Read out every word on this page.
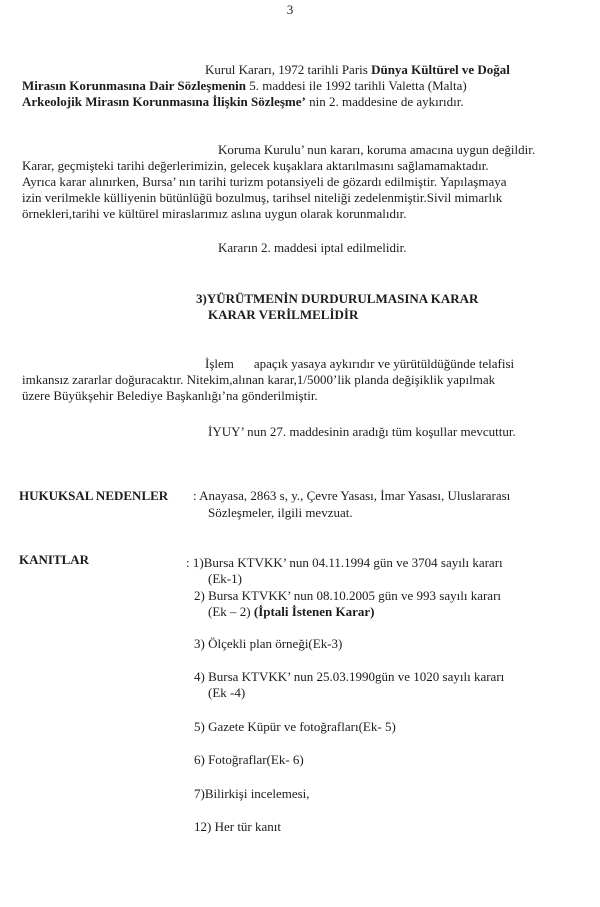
3
Kurul Kararı, 1972 tarihli Paris Dünya Kültürel ve Doğal
Mirasın Korunmasına Dair Sözleşmenin 5. maddesi ile 1992 tarihli Valetta (Malta)
Arkeolojik Mirasın Korunmasına İlişkin Sözleşme’ nin 2. maddesine de aykırıdır.
Koruma Kurulu’ nun kararı, koruma amacına uygun değildir.
Karar, geçmişteki tarihi değerlerimizin, gelecek kuşaklara aktarılmasını sağlamamaktadır.
Ayrıca karar alınırken, Bursa’ nın tarihi turizm potansiyeli de gözardı edilmiştir. Yapılaşmaya
izin verilmekle külliyenin bütünlüğü bozulmuş, tarihsel niteliği zedelenmiştir.Sivil mimarlık
örnekleri,tarihi ve kültürel miraslarımız aslına uygun olarak korunmalıdır.
Kararın 2. maddesi iptal edilmelidir.
3)YÜRÜTMENİN DURDURULMASINA KARAR
KARAR VERİLMELİDİR
İşlem apaçık yasaya aykırıdır ve yürütüldüğünde telafisi
imkansız zararlar doğuracaktır. Nitekim,alınan karar,1/5000’lik planda değişiklik yapılmak
üzere Büyükşehir Belediye Başkanlığı’na gönderilmiştir.
İYUY’ nun 27. maddesinin aradığı tüm koşullar mevcuttur.
HUKUKSAL NEDENLER : Anayasa, 2863 s, y., Çevre Yasası, İmar Yasası, Uluslararası
Sözleşmeler, ilgili mevzuat.
KANITLAR	: 1)Bursa KTVKK’ nun 04.11.1994 gün ve 3704 sayılı kararı
(Ek-1)
2) Bursa KTVKK’ nun 08.10.2005 gün ve 993 sayılı kararı
(Ek – 2) (İptali İstenen Karar)
3) Ölçekli plan örneği(Ek-3)
4) Bursa KTVKK’ nun 25.03.1990gün ve 1020 sayılı kararı
(Ek -4)
5) Gazete Küpür ve fotoğrafları(Ek- 5)
6) Fotoğraflar(Ek- 6)
7)Bilirkişi incelemesi,
12) Her tür kanıt
